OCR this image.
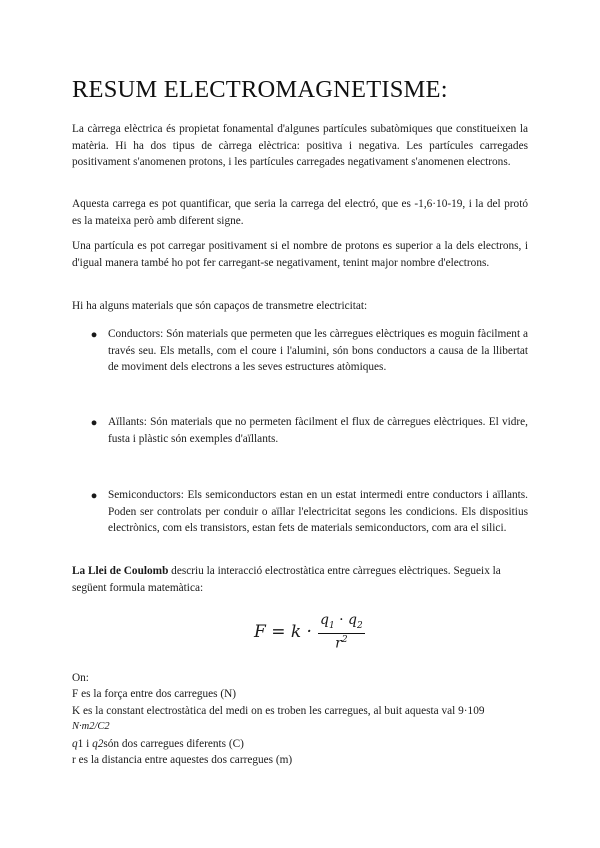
RESUM ELECTROMAGNETISME:

La càrrega elèctrica és propietat fonamental d'algunes partícules subatòmiques que constitueixen la matèria. Hi ha dos tipus de càrrega elèctrica: positiva i negativa. Les partícules carregades positivament s'anomenen protons, i les partícules carregades negativament s'anomenen electrons.

Aquesta carrega es pot quantificar, que seria la carrega del electró, que es -1,6·10-19, i la del protó es la mateixa però amb diferent signe.

Una partícula es pot carregar positivament si el nombre de protons es superior a la dels electrons, i d'igual manera també ho pot fer carregant-se negativament, tenint major nombre d'electrons.

Hi ha alguns materials que són capaços de transmetre electricitat:

● Conductors: Són materials que permeten que les càrregues elèctriques es moguin fàcilment a través seu. Els metalls, com el coure i l'alumini, són bons conductors a causa de la llibertat de moviment dels electrons a les seves estructures atòmiques.
● Aïllants: Són materials que no permeten fàcilment el flux de càrregues elèctriques. El vidre, fusta i plàstic són exemples d'aïllants.
● Semiconductors: Els semiconductors estan en un estat intermedi entre conductors i aïllants. Poden ser controlats per conduir o aïllar l'electricitat segons les condicions. Els dispositius electrònics, com els transistors, estan fets de materials semiconductors, com ara el silici.

La Llei de Coulomb descriu la interacció electrostàtica entre càrregues elèctriques. Segueix la següent formula matemàtica:

$F = k \cdot \frac{q_1 \cdot q_2}{r^2}$
On:
F es la força entre dos carregues (N)
K es la constant electrostàtica del medi on es troben les carregues, al buit aquesta val 9·109
N·m2/C2
q1 i q2són dos carregues diferents (C)
r es la distancia entre aquestes dos carregues (m)
